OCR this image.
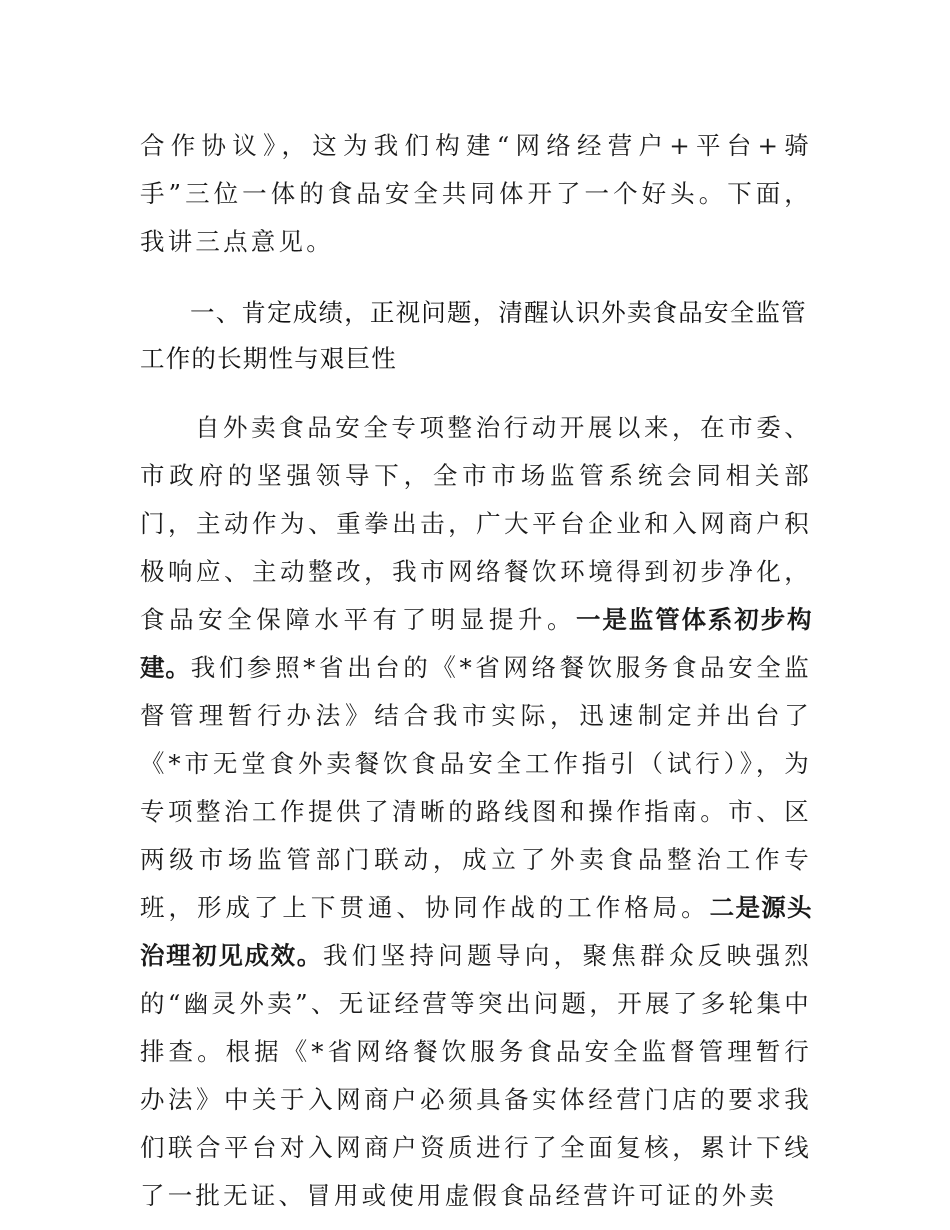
合作协议》，这为我们构建“网络经营户+平台+骑手”三位一体的食品安全共同体开了一个好头。下面，我讲三点意见。

一、肯定成绩，正视问题，清醒认识外卖食品安全监管工作的长期性与艰巨性

自外卖食品安全专项整治行动开展以来，在市委、市政府的坚强领导下，全市市场监管系统会同相关部门，主动作为、重拳出击，广大平台企业和入网商户积极响应、主动整改，我市网络餐饮环境得到初步净化，食品安全保障水平有了明显提升。一是监管体系初步构建。我们参照*省出台的《*省网络餐饮服务食品安全监督管理暂行办法》结合我市实际，迅速制定并出台了《*市无堂食外卖餐饮食品安全工作指引（试行）》，为专项整治工作提供了清晰的路线图和操作指南。市、区两级市场监管部门联动，成立了外卖食品整治工作专班，形成了上下贯通、协同作战的工作格局。二是源头治理初见成效。我们坚持问题导向，聚焦群众反映强烈的“幽灵外卖”、无证经营等突出问题，开展了多轮集中排查。根据《*省网络餐饮服务食品安全监督管理暂行办法》中关于入网商户必须具备实体经营门店的要求我们联合平台对入网商户资质进行了全面复核，累计下线了一批无证、冒用或使用虚假食品经营许可证的外卖
